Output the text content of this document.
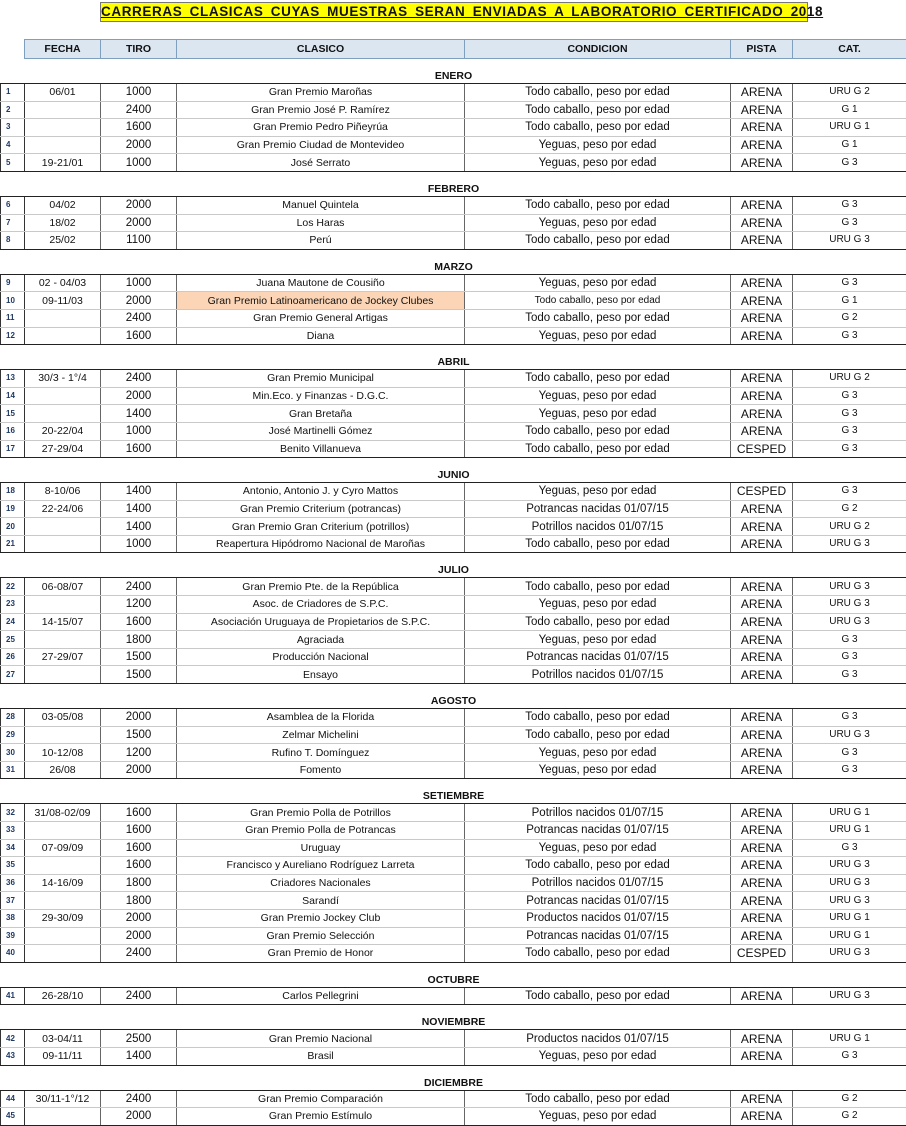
CARRERAS CLASICAS CUYAS MUESTRAS SERAN ENVIADAS A LABORATORIO CERTIFICADO 2018
	FECHA	TIRO	CLASICO	CONDICION	PISTA	CAT.
ENERO						
1	06/01	1000	Gran Premio Maroñas	Todo caballo, peso por edad	ARENA	URU G 2
2		2400	Gran Premio José P. Ramírez	Todo caballo, peso por edad	ARENA	G 1
3		1600	Gran Premio Pedro Piñeyrúa	Todo caballo, peso por edad	ARENA	URU G 1
4		2000	Gran Premio Ciudad de Montevideo	Yeguas, peso por edad	ARENA	G 1
5	19-21/01	1000	José Serrato	Yeguas, peso por edad	ARENA	G 3
FEBRERO						
6	04/02	2000	Manuel Quintela	Todo caballo, peso por edad	ARENA	G 3
7	18/02	2000	Los Haras	Yeguas, peso por edad	ARENA	G 3
8	25/02	1100	Perú	Todo caballo, peso por edad	ARENA	URU G 3
MARZO						
9	02 - 04/03	1000	Juana Mautone de Cousiño	Yeguas, peso por edad	ARENA	G 3
10	09-11/03	2000	Gran Premio Latinoamericano de Jockey Clubes	Todo caballo, peso por edad	ARENA	G 1
11		2400	Gran Premio General Artigas	Todo caballo, peso por edad	ARENA	G 2
12		1600	Diana	Yeguas, peso por edad	ARENA	G 3
ABRIL						
13	30/3 - 1°/4	2400	Gran Premio Municipal	Todo caballo, peso por edad	ARENA	URU G 2
14		2000	Min.Eco. y Finanzas - D.G.C.	Yeguas, peso por edad	ARENA	G 3
15		1400	Gran Bretaña	Yeguas, peso por edad	ARENA	G 3
16	20-22/04	1000	José Martinelli Gómez	Todo caballo, peso por edad	ARENA	G 3
17	27-29/04	1600	Benito Villanueva	Todo caballo, peso por edad	CESPED	G 3
JUNIO						
18	8-10/06	1400	Antonio, Antonio J. y Cyro Mattos	Yeguas, peso por edad	CESPED	G 3
19	22-24/06	1400	Gran Premio Criterium (potrancas)	Potrancas nacidas 01/07/15	ARENA	G 2
20		1400	Gran Premio Gran Criterium (potrillos)	Potrillos nacidos 01/07/15	ARENA	URU G 2
21		1000	Reapertura Hipódromo Nacional de Maroñas	Todo caballo, peso por edad	ARENA	URU G 3
JULIO						
22	06-08/07	2400	Gran Premio Pte. de la República	Todo caballo, peso por edad	ARENA	URU G 3
23		1200	Asoc. de Criadores de S.P.C.	Yeguas, peso por edad	ARENA	URU G 3
24	14-15/07	1600	Asociación Uruguaya de Propietarios de S.P.C.	Todo caballo, peso por edad	ARENA	URU G 3
25		1800	Agraciada	Yeguas, peso por edad	ARENA	G 3
26	27-29/07	1500	Producción Nacional	Potrancas nacidas 01/07/15	ARENA	G 3
27		1500	Ensayo	Potrillos nacidos 01/07/15	ARENA	G 3
AGOSTO						
28	03-05/08	2000	Asamblea de la Florida	Todo caballo, peso por edad	ARENA	G 3
29		1500	Zelmar Michelini	Todo caballo, peso por edad	ARENA	URU G 3
30	10-12/08	1200	Rufino T. Domínguez	Yeguas, peso por edad	ARENA	G 3
31	26/08	2000	Fomento	Yeguas, peso por edad	ARENA	G 3
SETIEMBRE						
32	31/08-02/09	1600	Gran Premio Polla de Potrillos	Potrillos nacidos 01/07/15	ARENA	URU G 1
33		1600	Gran Premio Polla de Potrancas	Potrancas nacidas 01/07/15	ARENA	URU G 1
34	07-09/09	1600	Uruguay	Yeguas, peso por edad	ARENA	G 3
35		1600	Francisco y Aureliano Rodríguez Larreta	Todo caballo, peso por edad	ARENA	URU G 3
36	14-16/09	1800	Criadores Nacionales	Potrillos nacidos 01/07/15	ARENA	URU G 3
37		1800	Sarandí	Potrancas nacidas 01/07/15	ARENA	URU G 3
38	29-30/09	2000	Gran Premio Jockey Club	Productos nacidos 01/07/15	ARENA	URU G 1
39		2000	Gran Premio Selección	Potrancas nacidas 01/07/15	ARENA	URU G 1
40		2400	Gran Premio de Honor	Todo caballo, peso por edad	CESPED	URU G 3
OCTUBRE						
41	26-28/10	2400	Carlos Pellegrini	Todo caballo, peso por edad	ARENA	URU G 3
NOVIEMBRE						
42	03-04/11	2500	Gran Premio Nacional	Productos nacidos 01/07/15	ARENA	URU G 1
43	09-11/11	1400	Brasil	Yeguas, peso por edad	ARENA	G 3
DICIEMBRE						
44	30/11-1°/12	2400	Gran Premio Comparación	Todo caballo, peso por edad	ARENA	G 2
45		2000	Gran Premio Estímulo	Yeguas, peso por edad	ARENA	G 2
